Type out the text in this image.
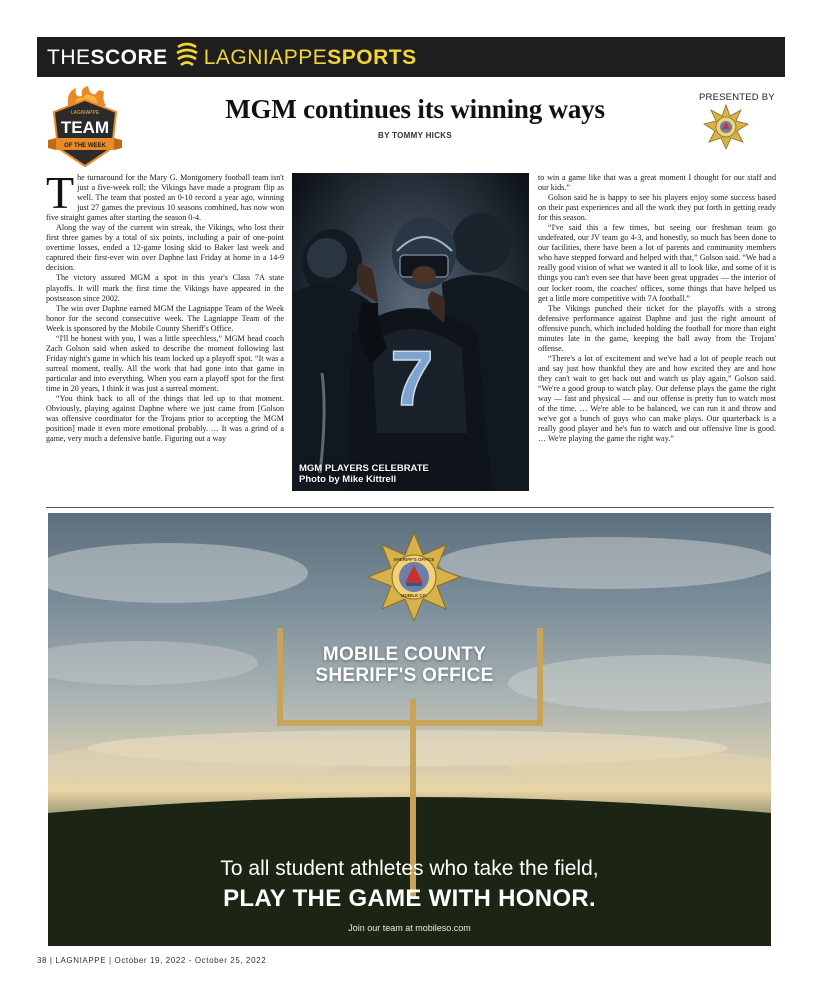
THE SCORE LAGNIAPPE SPORTS
LAGNIAPPE
TEAM
OF THE WEEK
PRESENTED BY
MGM continues its winning ways
BY TOMMY HICKS

The turnaround for the Mary G. Montgomery football team isn't just a five-week roll; the Vikings have made a program flip as well. The team that posted an 0-10 record a year ago, winning just 27 games the previous 10 seasons combined, has now won five straight games after starting the season 0-4.

Along the way of the current win streak, the Vikings, who lost their first three games by a total of six points, including a pair of one-point overtime losses, ended a 12-game losing skid to Baker last week and captured their first-ever win over Daphne last Friday at home in a 14-9 decision.

The victory assured MGM a spot in this year's Class 7A state playoffs. It will mark the first time the Vikings have appeared in the postseason since 2002.

The win over Daphne earned MGM the Lagniappe Team of the Week honor for the second consecutive week. The Lagniappe Team of the Week is sponsored by the Mobile County Sheriff's Office.

“I'll be honest with you, I was a little speechless,” MGM head coach Zach Golson said when asked to describe the moment following last Friday night's game in which his team locked up a playoff spot. “It was a surreal moment, really. All the work that had gone into that game in particular and into everything. When you earn a playoff spot for the first time in 20 years, I think it was just a surreal moment.

“You think back to all of the things that led up to that moment. Obviously, playing against Daphne where we just came from [Golson was offensive coordinator for the Trojans prior to accepting the MGM position] made it even more emotional probably. … It was a grind of a game, very much a defensive battle. Figuring out a way

7
MGM PLAYERS CELEBRATE
Photo by Mike Kittrell

to win a game like that was a great moment I thought for our staff and our kids.”

Golson said he is happy to see his players enjoy some success based on their past experiences and all the work they put forth in getting ready for this season.

“I've said this a few times, but seeing our freshman team go undefeated, our JV team go 4-3, and honestly, so much has been done to our facilities, there have been a lot of parents and community members who have stepped forward and helped with that,” Golson said. “We had a really good vision of what we wanted it all to look like, and some of it is things you can't even see that have been great upgrades — the interior of our locker room, the coaches' offices, some things that have helped us get a little more competitive with 7A football.”

The Vikings punched their ticket for the playoffs with a strong defensive performance against Daphne and just the right amount of offensive punch, which included holding the football for more than eight minutes late in the game, keeping the ball away from the Trojans' offense.

“There's a lot of excitement and we've had a lot of people reach out and say just how thankful they are and how excited they are and how they can't wait to get back out and watch us play again,” Golson said. “We're a good group to watch play. Our defense plays the game the right way — fast and physical — and our offense is pretty fun to watch most of the time. … We're able to be balanced, we can run it and throw and we've got a bunch of guys who can make plays. Our quarterback is a really good player and he's fun to watch and our offensive line is good. … We're playing the game the right way.”

SHERIFF'S OFFICE
MOBILE CO.
MOBILE COUNTY
SHERIFF'S OFFICE
To all student athletes who take the field,
PLAY THE GAME WITH HONOR.
Join our team at mobileso.com
38 | LAGNIAPPE | October 19, 2022 - October 25, 2022
